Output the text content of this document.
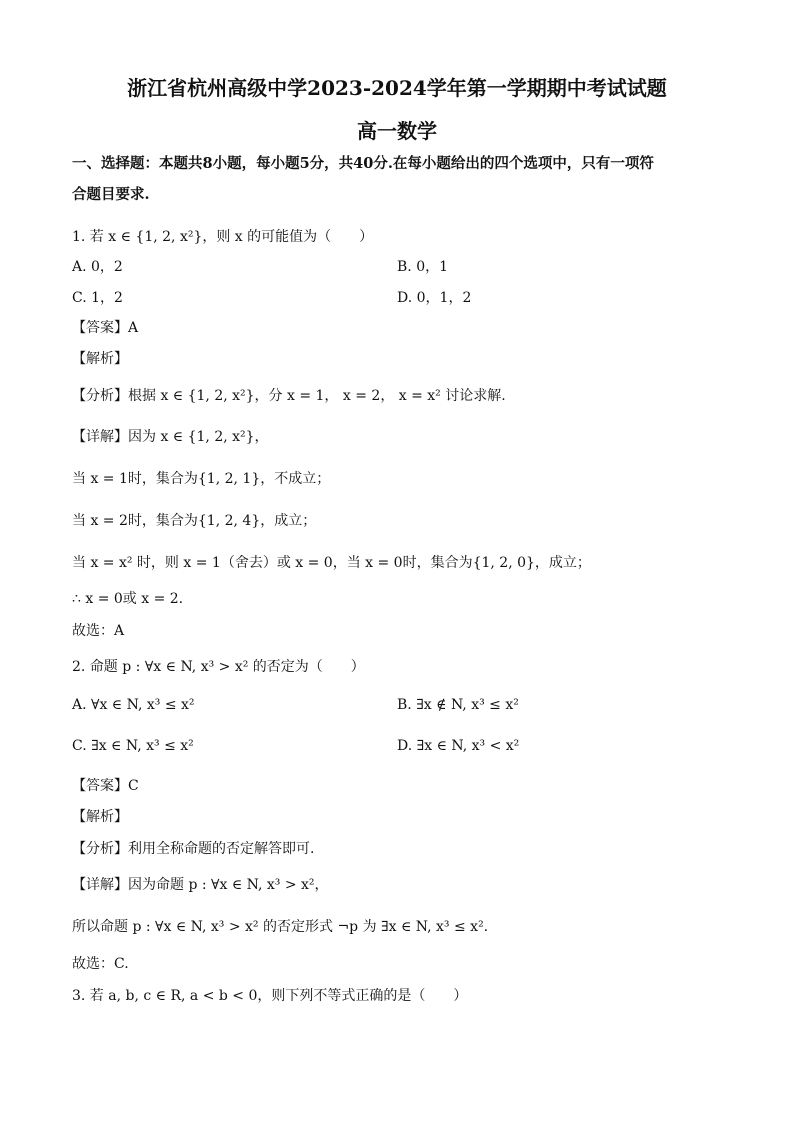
浙江省杭州高级中学2023-2024学年第一学期期中考试试题
高一数学
一、选择题：本题共8小题，每小题5分，共40分.在每小题给出的四个选项中，只有一项符
合题目要求.
1. 若 x ∈ {1, 2, x²}，则 x 的可能值为（　　）
A. 0，2	B. 0，1
C. 1，2	D. 0，1，2
【答案】A
【解析】
【分析】根据 x ∈ {1, 2, x²}，分 x = 1， x = 2， x = x² 讨论求解.
【详解】因为 x ∈ {1, 2, x²}，
当 x = 1时，集合为{1, 2, 1}，不成立；
当 x = 2时，集合为{1, 2, 4}，成立；
当 x = x² 时，则 x = 1（舍去）或 x = 0，当 x = 0时，集合为{1, 2, 0}，成立；
∴ x = 0或 x = 2.
故选：A
2. 命题 p : ∀x ∈ N, x³ > x² 的否定为（　　）
A. ∀x ∈ N, x³ ≤ x²	B. ∃x ∉ N, x³ ≤ x²
C. ∃x ∈ N, x³ ≤ x²	D. ∃x ∈ N, x³ < x²
【答案】C
【解析】
【分析】利用全称命题的否定解答即可.
【详解】因为命题 p : ∀x ∈ N, x³ > x²，
所以命题 p : ∀x ∈ N, x³ > x² 的否定形式 ¬p 为 ∃x ∈ N, x³ ≤ x².
故选：C.
3. 若 a, b, c ∈ R, a < b < 0，则下列不等式正确的是（　　）
